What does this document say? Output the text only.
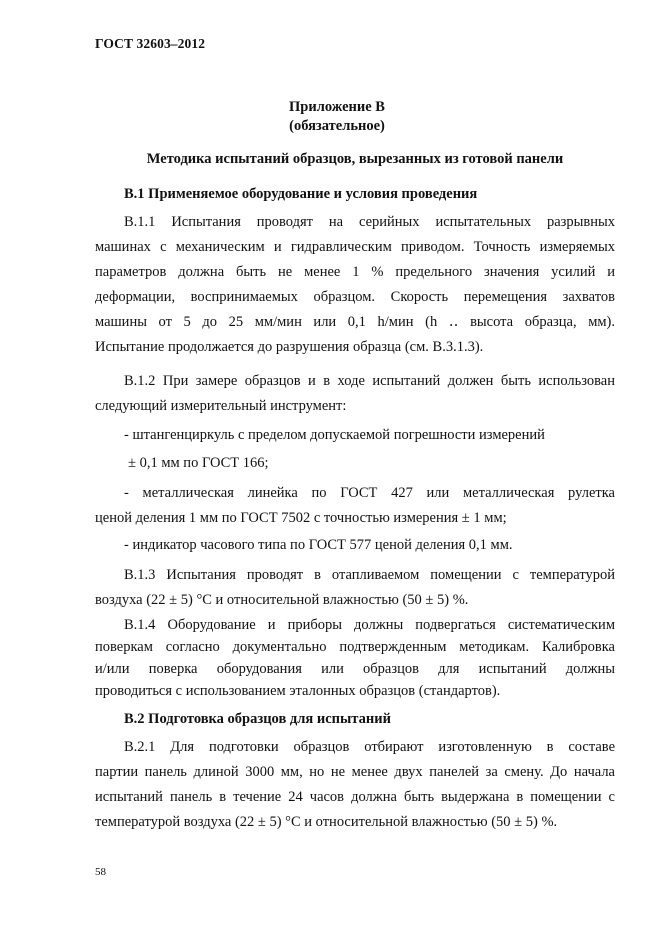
ГОСТ 32603–2012
Приложение В
(обязательное)
Методика испытаний образцов, вырезанных из готовой панели
В.1 Применяемое оборудование и условия проведения

В.1.1 Испытания проводят на серийных испытательных разрывных

машинах с механическим и гидравлическим приводом. Точность измеряемых

параметров должна быть не менее 1 % предельного значения усилий и

деформации, воспринимаемых образцом. Скорость перемещения захватов

машины от 5 до 25 мм/мин или 0,1 h/мин (h ‥ высота образца, мм).

Испытание продолжается до разрушения образца (см. В.3.1.3).

В.1.2 При замере образцов и в ходе испытаний должен быть использован

следующий измерительный инструмент:

- штангенциркуль с пределом допускаемой погрешности измерений
± 0,1 мм по ГОСТ 166;

- металлическая линейка по ГОСТ 427 или металлическая рулетка

ценой деления 1 мм по ГОСТ 7502 с точностью измерения ± 1 мм;

- индикатор часового типа по ГОСТ 577 ценой деления 0,1 мм.

В.1.3 Испытания проводят в отапливаемом помещении с температурой

воздуха (22 ± 5) °С и относительной влажностью (50 ± 5) %.

В.1.4 Оборудование и приборы должны подвергаться систематическим

поверкам согласно документально подтвержденным методикам. Калибровка

и/или поверка оборудования или образцов для испытаний должны

проводиться с использованием эталонных образцов (стандартов).

В.2 Подготовка образцов для испытаний

В.2.1 Для подготовки образцов отбирают изготовленную в составе

партии панель длиной 3000 мм, но не менее двух панелей за смену. До начала

испытаний панель в течение 24 часов должна быть выдержана в помещении с

температурой воздуха (22 ± 5) °С и относительной влажностью (50 ± 5) %.

58
